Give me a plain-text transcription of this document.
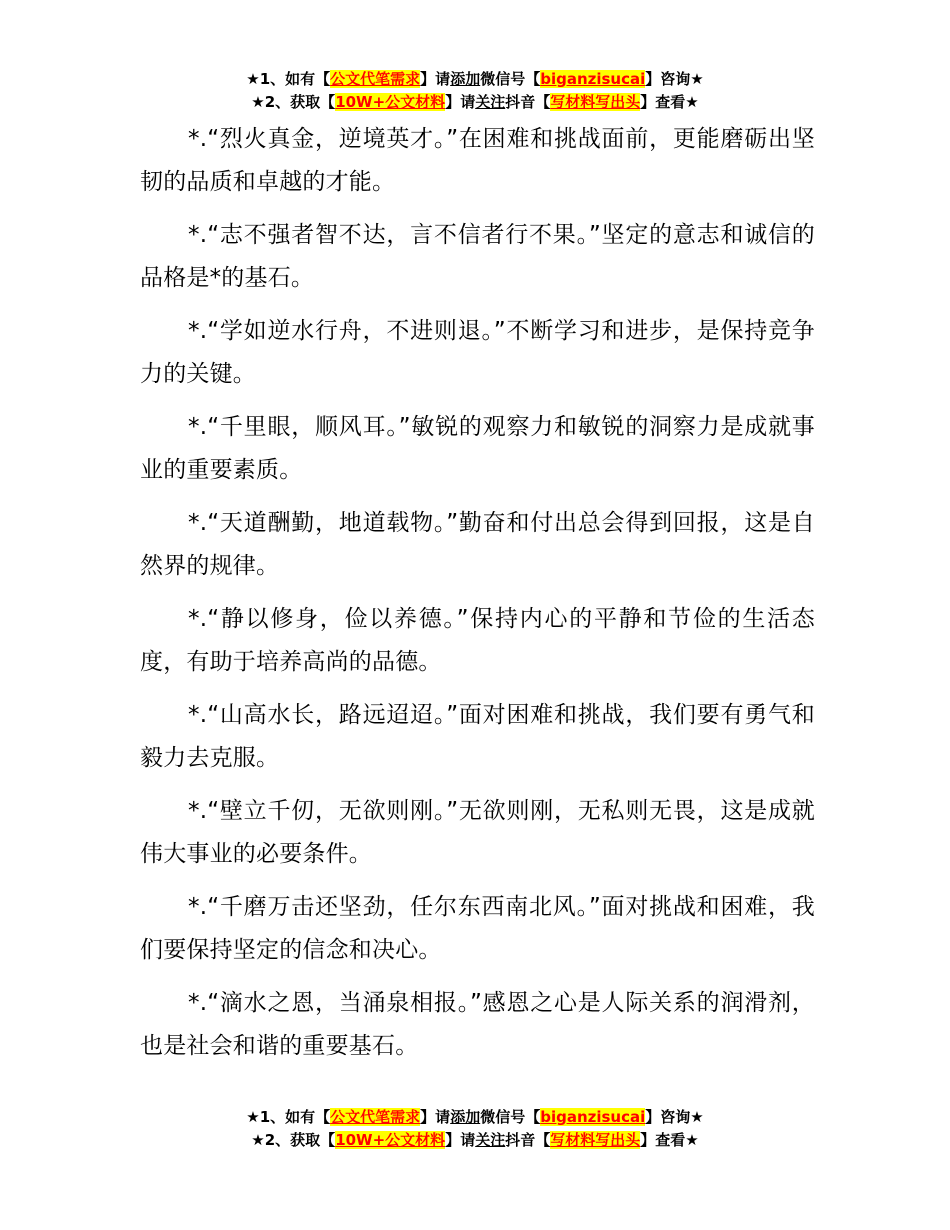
★1、如有【公文代笔需求】请添加微信号【biganzisucai】咨询★
★2、获取【10W+公文材料】请关注抖音【写材料写出头】查看★

*.“烈火真金，逆境英才。”在困难和挑战面前，更能磨砺出坚韧的品质和卓越的才能。

*.“志不强者智不达，言不信者行不果。”坚定的意志和诚信的品格是*的基石。

*.“学如逆水行舟，不进则退。”不断学习和进步，是保持竞争力的关键。

*.“千里眼，顺风耳。”敏锐的观察力和敏锐的洞察力是成就事业的重要素质。

*.“天道酬勤，地道载物。”勤奋和付出总会得到回报，这是自然界的规律。

*.“静以修身，俭以养德。”保持内心的平静和节俭的生活态度，有助于培养高尚的品德。

*.“山高水长，路远迢迢。”面对困难和挑战，我们要有勇气和毅力去克服。

*.“壁立千仞，无欲则刚。”无欲则刚，无私则无畏，这是成就伟大事业的必要条件。

*.“千磨万击还坚劲，任尔东西南北风。”面对挑战和困难，我们要保持坚定的信念和决心。

*.“滴水之恩，当涌泉相报。”感恩之心是人际关系的润滑剂，也是社会和谐的重要基石。

★1、如有【公文代笔需求】请添加微信号【biganzisucai】咨询★
★2、获取【10W+公文材料】请关注抖音【写材料写出头】查看★
